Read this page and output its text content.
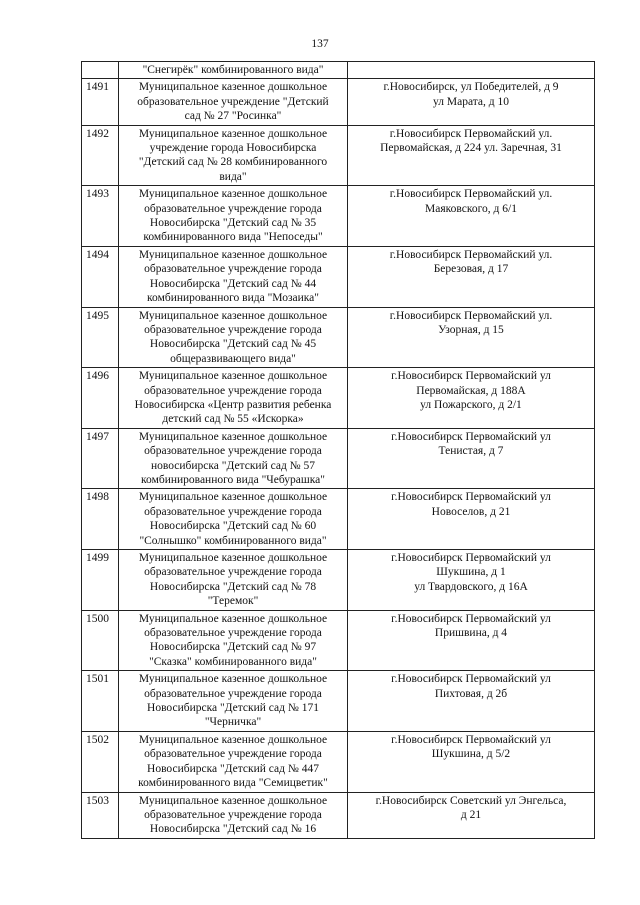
137

	"Снегирёк" комбинированного вида"	

1491	Муниципальное казенное дошкольное
образовательное учреждение "Детский
сад № 27 "Росинка"	г.Новосибирск, ул Победителей, д 9
ул Марата, д 10

1492	Муниципальное казенное дошкольное
учреждение города Новосибирска
"Детский сад № 28 комбинированного
вида"	г.Новосибирск Первомайский ул.
Первомайская, д 224 ул. Заречная, 31

1493	Муниципальное казенное дошкольное
образовательное учреждение города
Новосибирска "Детский сад № 35
комбинированного вида "Непоседы"	г.Новосибирск Первомайский ул.
Маяковского, д 6/1

1494	Муниципальное казенное дошкольное
образовательное учреждение города
Новосибирска "Детский сад № 44
комбинированного вида "Мозаика"	г.Новосибирск Первомайский ул.
Березовая, д 17

1495	Муниципальное казенное дошкольное
образовательное учреждение города
Новосибирска "Детский сад № 45
общеразвивающего вида"	г.Новосибирск Первомайский ул.
Узорная, д 15

1496	Муниципальное казенное дошкольное
образовательное учреждение города
Новосибирска «Центр развития ребенка
детский сад № 55 «Искорка»	г.Новосибирск Первомайский ул
Первомайская, д 188А
ул Пожарского, д 2/1

1497	Муниципальное казенное дошкольное
образовательное учреждение города
новосибирска "Детский сад № 57
комбинированного вида "Чебурашка"	г.Новосибирск Первомайский ул
Тенистая, д 7

1498	Муниципальное казенное дошкольное
образовательное учреждение города
Новосибирска "Детский сад № 60
"Солнышко" комбинированного вида"	г.Новосибирск Первомайский ул
Новоселов, д 21

1499	Муниципальное казенное дошкольное
образовательное учреждение города
Новосибирска "Детский сад № 78
"Теремок"	г.Новосибирск Первомайский ул
Шукшина, д 1
ул Твардовского, д 16А

1500	Муниципальное казенное дошкольное
образовательное учреждение города
Новосибирска "Детский сад № 97
"Сказка" комбинированного вида"	г.Новосибирск Первомайский ул
Пришвина, д 4

1501	Муниципальное казенное дошкольное
образовательное учреждение города
Новосибирска "Детский сад № 171
"Черничка"	г.Новосибирск Первомайский ул
Пихтовая, д 2б

1502	Муниципальное казенное дошкольное
образовательное учреждение города
Новосибирска "Детский сад № 447
комбинированного вида "Семицветик"	г.Новосибирск Первомайский ул
Шукшина, д 5/2

1503	Муниципальное казенное дошкольное
образовательное учреждение города
Новосибирска "Детский сад № 16	г.Новосибирск Советский ул Энгельса,
д 21
